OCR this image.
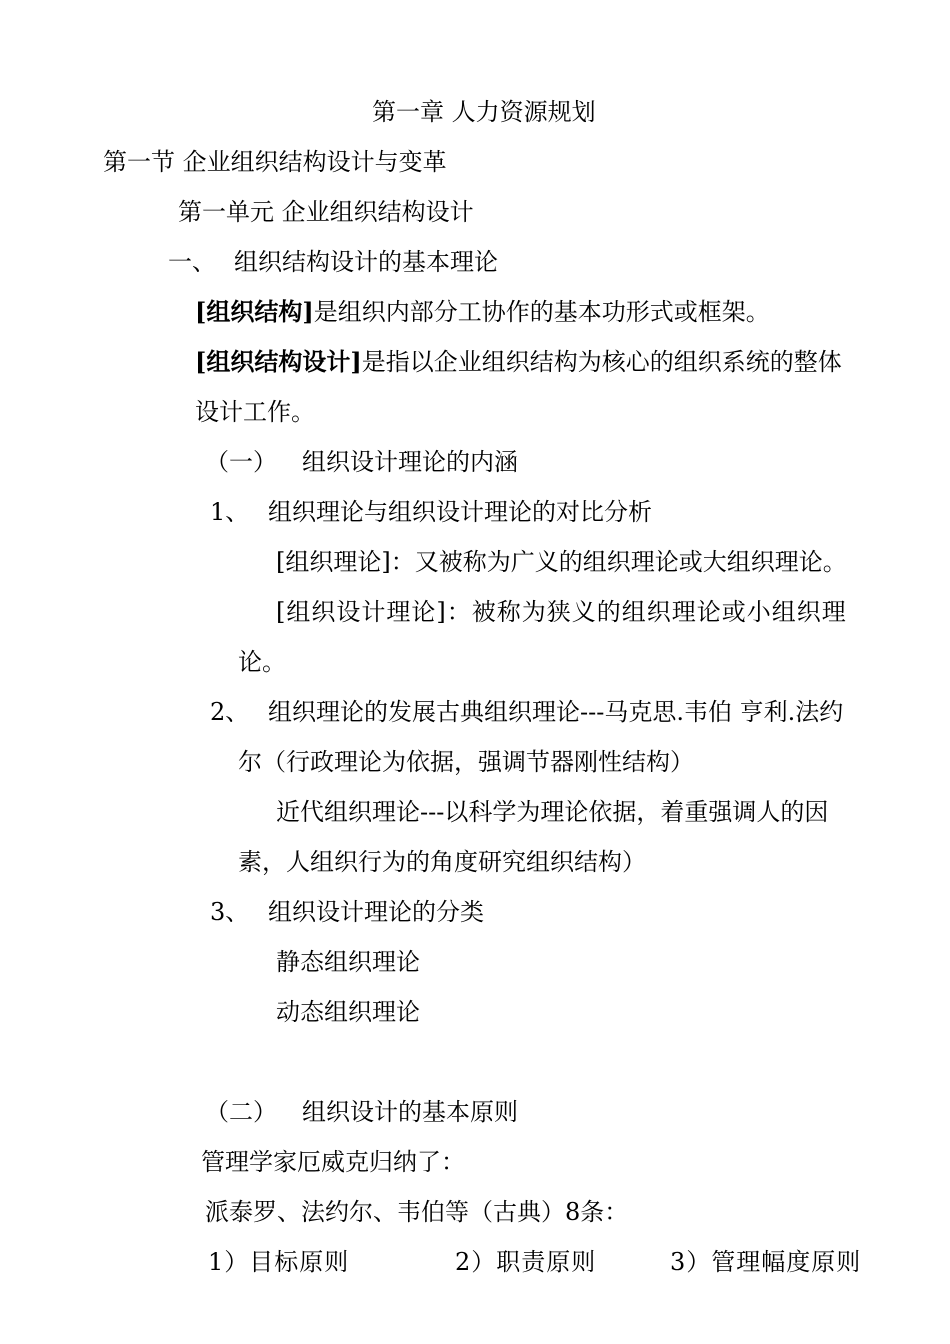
第一章 人力资源规划
第一节 企业组织结构设计与变革
第一单元 企业组织结构设计
一、 组织结构设计的基本理论
[组织结构]是组织内部分工协作的基本功形式或框架。
[组织结构设计]是指以企业组织结构为核心的组织系统的整体
设计工作。
（一） 组织设计理论的内涵
1、 组织理论与组织设计理论的对比分析
[组织理论]：又被称为广义的组织理论或大组织理论。
[组织设计理论]：被称为狭义的组织理论或小组织理
论。
2、 组织理论的发展古典组织理论---马克思.韦伯 亨利.法约
尔（行政理论为依据，强调节器刚性结构）
近代组织理论---以科学为理论依据，着重强调人的因
素，人组织行为的角度研究组织结构）
3、 组织设计理论的分类
静态组织理论
动态组织理论
（二） 组织设计的基本原则
管理学家厄威克归纳了：
派泰罗、法约尔、韦伯等（古典）8条：
1）目标原则	2）职责原则	3）管理幅度原则
